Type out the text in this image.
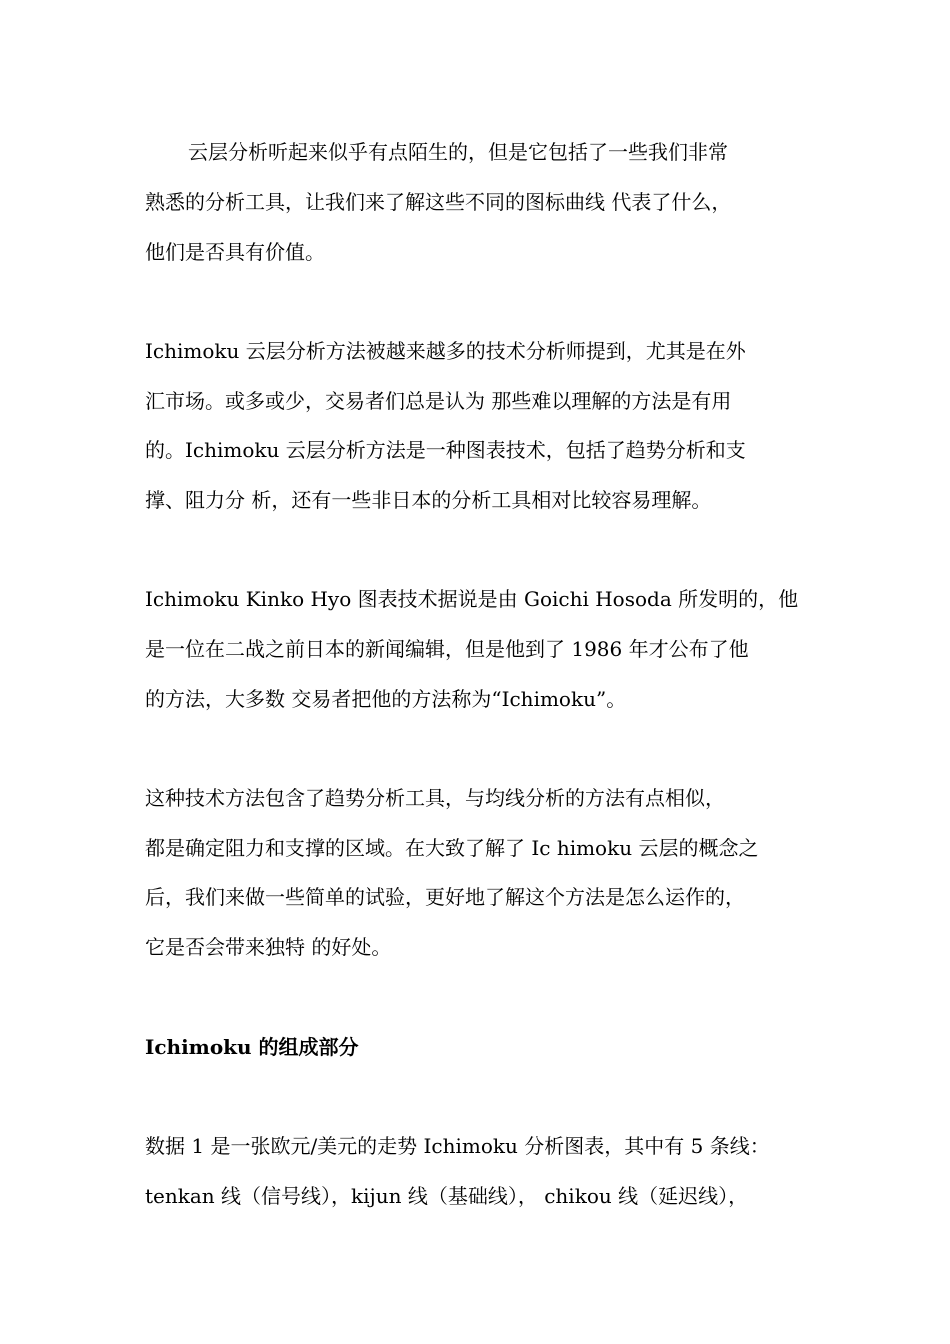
云层分析听起来似乎有点陌生的，但是它包括了一些我们非常
熟悉的分析工具，让我们来了解这些不同的图标曲线 代表了什么，
他们是否具有价值。
Ichimoku 云层分析方法被越来越多的技术分析师提到，尤其是在外
汇市场。或多或少，交易者们总是认为 那些难以理解的方法是有用
的。Ichimoku 云层分析方法是一种图表技术，包括了趋势分析和支
撑、阻力分 析，还有一些非日本的分析工具相对比较容易理解。
Ichimoku Kinko Hyo 图表技术据说是由 Goichi Hosoda 所发明的，他
是一位在二战之前日本的新闻编辑，但是他到了 1986 年才公布了他
的方法，大多数 交易者把他的方法称为“Ichimoku”。
这种技术方法包含了趋势分析工具，与均线分析的方法有点相似，
都是确定阻力和支撑的区域。在大致了解了 Ic himoku 云层的概念之
后，我们来做一些简单的试验，更好地了解这个方法是怎么运作的，
它是否会带来独特 的好处。
Ichimoku 的组成部分
数据 1 是一张欧元/美元的走势 Ichimoku 分析图表，其中有 5 条线：
tenkan 线（信号线），kijun 线（基础线）， chikou 线（延迟线），
